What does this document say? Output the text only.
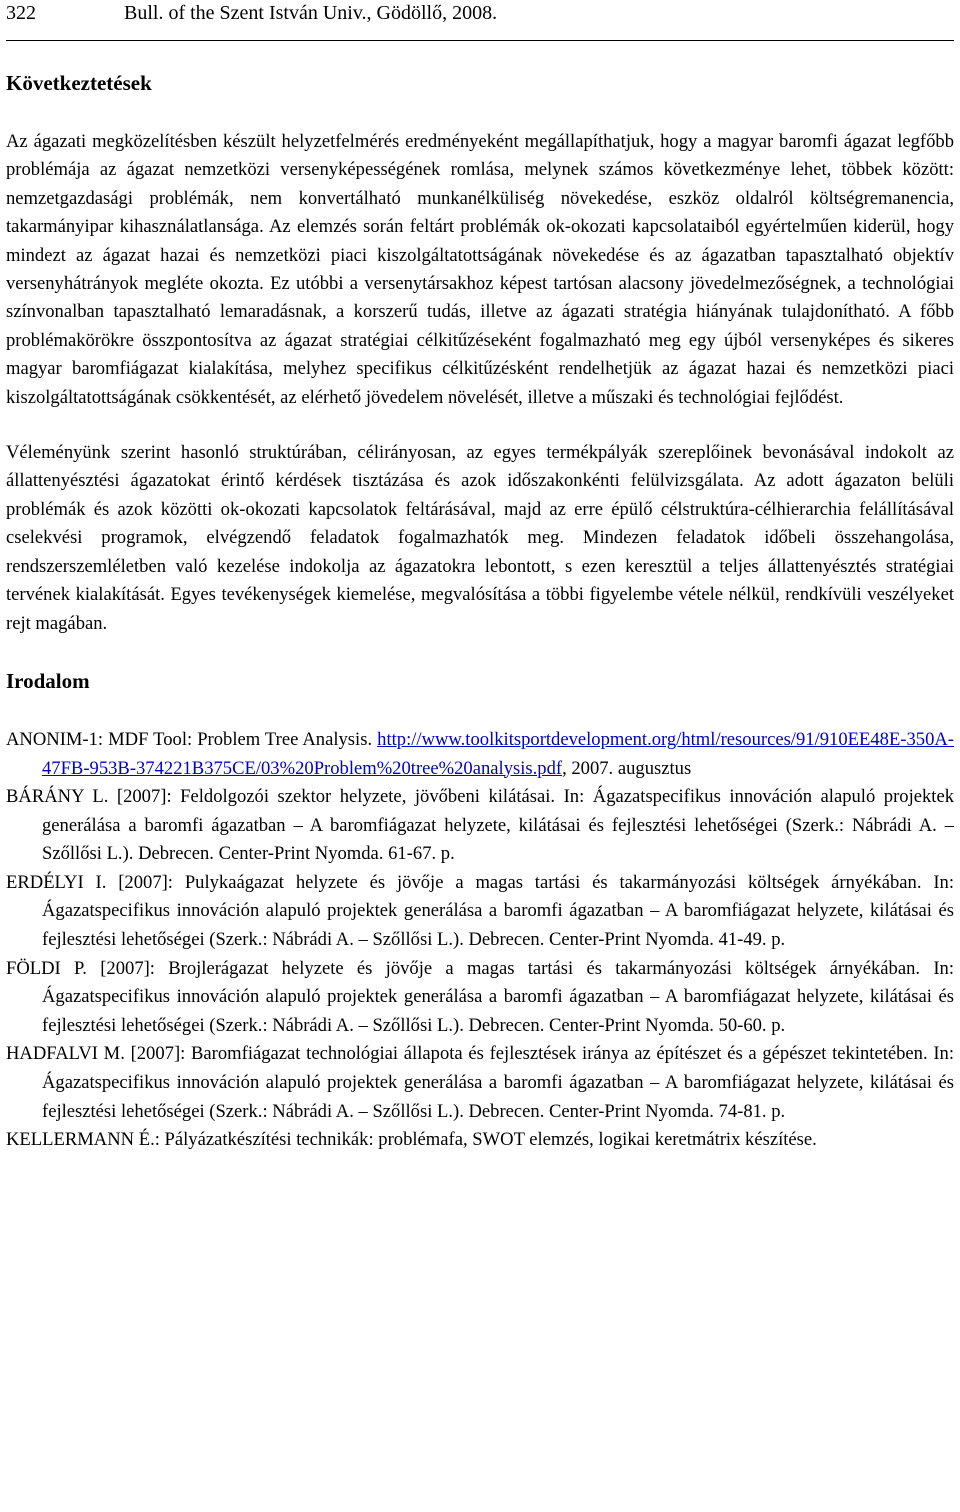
322	Bull. of the Szent István Univ., Gödöllő, 2008.
Következtetések

Az ágazati megközelítésben készült helyzetfelmérés eredményeként megállapíthatjuk, hogy a magyar baromfi ágazat legfőbb problémája az ágazat nemzetközi versenyképességének romlása, melynek számos következménye lehet, többek között: nemzetgazdasági problémák, nem konvertálható munkanélküliség növekedése, eszköz oldalról költségremanencia, takarmányipar kihasználatlansága. Az elemzés során feltárt problémák ok-okozati kapcsolataiból egyértelműen kiderül, hogy mindezt az ágazat hazai és nemzetközi piaci kiszolgáltatottságának növekedése és az ágazatban tapasztalható objektív versenyhátrányok megléte okozta. Ez utóbbi a versenytársakhoz képest tartósan alacsony jövedelmezőségnek, a technológiai színvonalban tapasztalható lemaradásnak, a korszerű tudás, illetve az ágazati stratégia hiányának tulajdonítható. A főbb problémakörökre összpontosítva az ágazat stratégiai célkitűzéseként fogalmazható meg egy újból versenyképes és sikeres magyar baromfiágazat kialakítása, melyhez specifikus célkitűzésként rendelhetjük az ágazat hazai és nemzetközi piaci kiszolgáltatottságának csökkentését, az elérhető jövedelem növelését, illetve a műszaki és technológiai fejlődést.

Véleményünk szerint hasonló struktúrában, célirányosan, az egyes termékpályák szereplőinek bevonásával indokolt az állattenyésztési ágazatokat érintő kérdések tisztázása és azok időszakonkénti felülvizsgálata. Az adott ágazaton belüli problémák és azok közötti ok-okozati kapcsolatok feltárásával, majd az erre épülő célstruktúra-célhierarchia felállításával cselekvési programok, elvégzendő feladatok fogalmazhatók meg. Mindezen feladatok időbeli összehangolása, rendszerszemléletben való kezelése indokolja az ágazatokra lebontott, s ezen keresztül a teljes állattenyésztés stratégiai tervének kialakítását. Egyes tevékenységek kiemelése, megvalósítása a többi figyelembe vétele nélkül, rendkívüli veszélyeket rejt magában.

Irodalom

ANONIM-1: MDF Tool: Problem Tree Analysis. http://www.toolkitsportdevelopment.org/html/resources/91/910EE48E-350A-47FB-953B-374221B375CE/03%20Problem%20tree%20analysis.pdf, 2007. augusztus

BÁRÁNY L. [2007]: Feldolgozói szektor helyzete, jövőbeni kilátásai. In: Ágazatspecifikus innováción alapuló projektek generálása a baromfi ágazatban – A baromfiágazat helyzete, kilátásai és fejlesztési lehetőségei (Szerk.: Nábrádi A. – Szőllősi L.). Debrecen. Center-Print Nyomda. 61-67. p.

ERDÉLYI I. [2007]: Pulykaágazat helyzete és jövője a magas tartási és takarmányozási költségek árnyékában. In: Ágazatspecifikus innováción alapuló projektek generálása a baromfi ágazatban – A baromfiágazat helyzete, kilátásai és fejlesztési lehetőségei (Szerk.: Nábrádi A. – Szőllősi L.). Debrecen. Center-Print Nyomda. 41-49. p.

FÖLDI P. [2007]: Brojlerágazat helyzete és jövője a magas tartási és takarmányozási költségek árnyékában. In: Ágazatspecifikus innováción alapuló projektek generálása a baromfi ágazatban – A baromfiágazat helyzete, kilátásai és fejlesztési lehetőségei (Szerk.: Nábrádi A. – Szőllősi L.). Debrecen. Center-Print Nyomda. 50-60. p.

HADFALVI M. [2007]: Baromfiágazat technológiai állapota és fejlesztések iránya az építészet és a gépészet tekintetében. In: Ágazatspecifikus innováción alapuló projektek generálása a baromfi ágazatban – A baromfiágazat helyzete, kilátásai és fejlesztési lehetőségei (Szerk.: Nábrádi A. – Szőllősi L.). Debrecen. Center-Print Nyomda. 74-81. p.

KELLERMANN É.: Pályázatkészítési technikák: problémafa, SWOT elemzés, logikai keretmátrix készítése.
